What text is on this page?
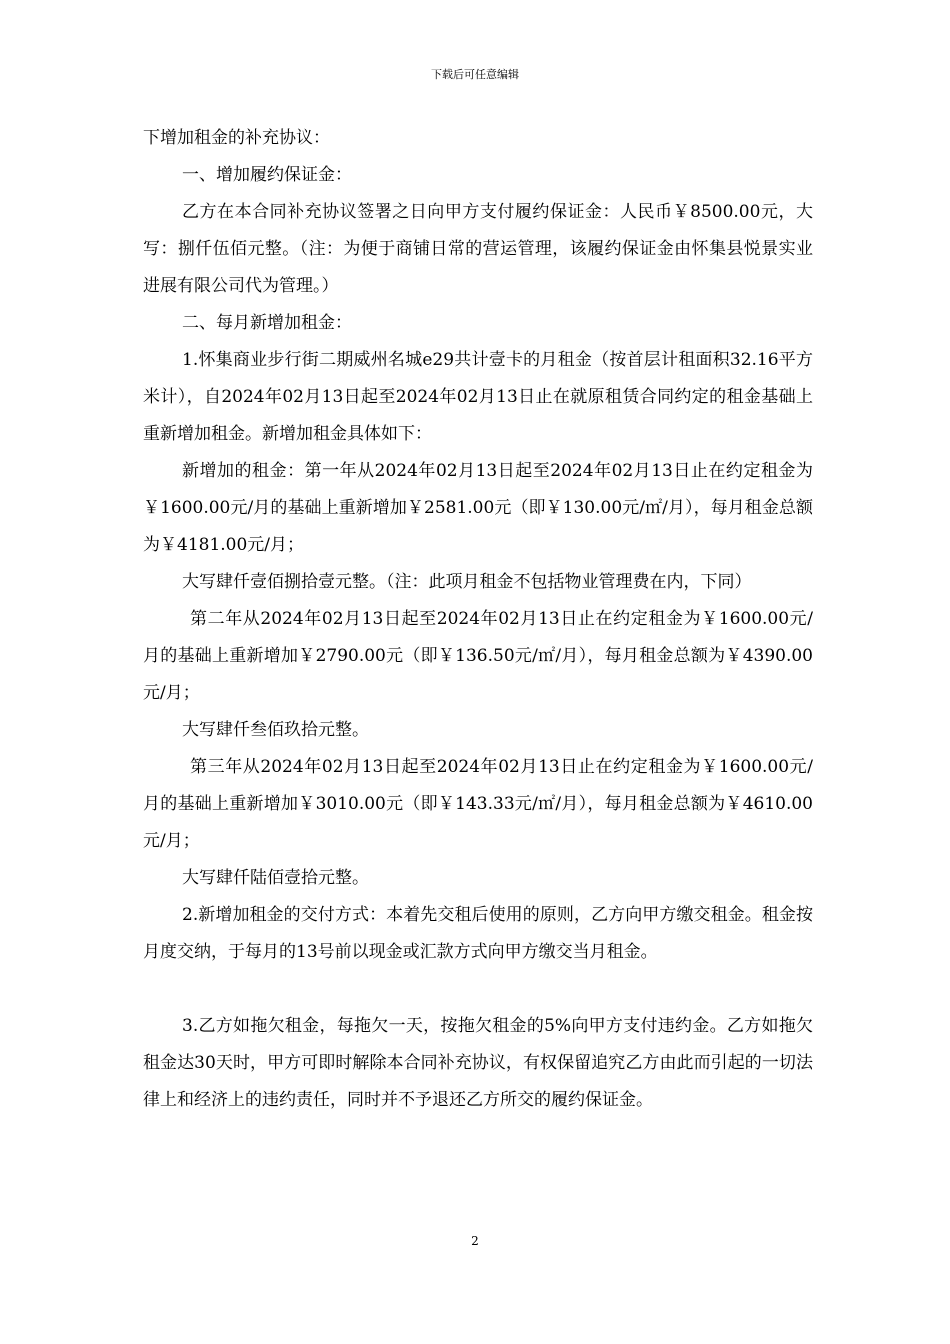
下载后可任意编辑

下增加租金的补充协议：

一、增加履约保证金：

乙方在本合同补充协议签署之日向甲方支付履约保证金：人民币￥8500.00元，大写：捌仟伍佰元整。（注：为便于商铺日常的营运管理，该履约保证金由怀集县悦景实业进展有限公司代为管理。）

二、每月新增加租金：

1.怀集商业步行街二期威州名城e29共计壹卡的月租金（按首层计租面积32.16平方米计），自2024年02月13日起至2024年02月13日止在就原租赁合同约定的租金基础上重新增加租金。新增加租金具体如下：

新增加的租金：第一年从2024年02月13日起至2024年02月13日止在约定租金为￥1600.00元/月的基础上重新增加￥2581.00元（即￥130.00元/㎡/月），每月租金总额为￥4181.00元/月；

大写肆仟壹佰捌拾壹元整。（注：此项月租金不包括物业管理费在内，下同）

第二年从2024年02月13日起至2024年02月13日止在约定租金为￥1600.00元/月的基础上重新增加￥2790.00元（即￥136.50元/㎡/月），每月租金总额为￥4390.00元/月；

大写肆仟叁佰玖拾元整。

第三年从2024年02月13日起至2024年02月13日止在约定租金为￥1600.00元/月的基础上重新增加￥3010.00元（即￥143.33元/㎡/月），每月租金总额为￥4610.00元/月；

大写肆仟陆佰壹拾元整。

2.新增加租金的交付方式：本着先交租后使用的原则，乙方向甲方缴交租金。租金按月度交纳，于每月的13号前以现金或汇款方式向甲方缴交当月租金。

3.乙方如拖欠租金，每拖欠一天，按拖欠租金的5%向甲方支付违约金。乙方如拖欠租金达30天时，甲方可即时解除本合同补充协议，有权保留追究乙方由此而引起的一切法律上和经济上的违约责任，同时并不予退还乙方所交的履约保证金。

2
